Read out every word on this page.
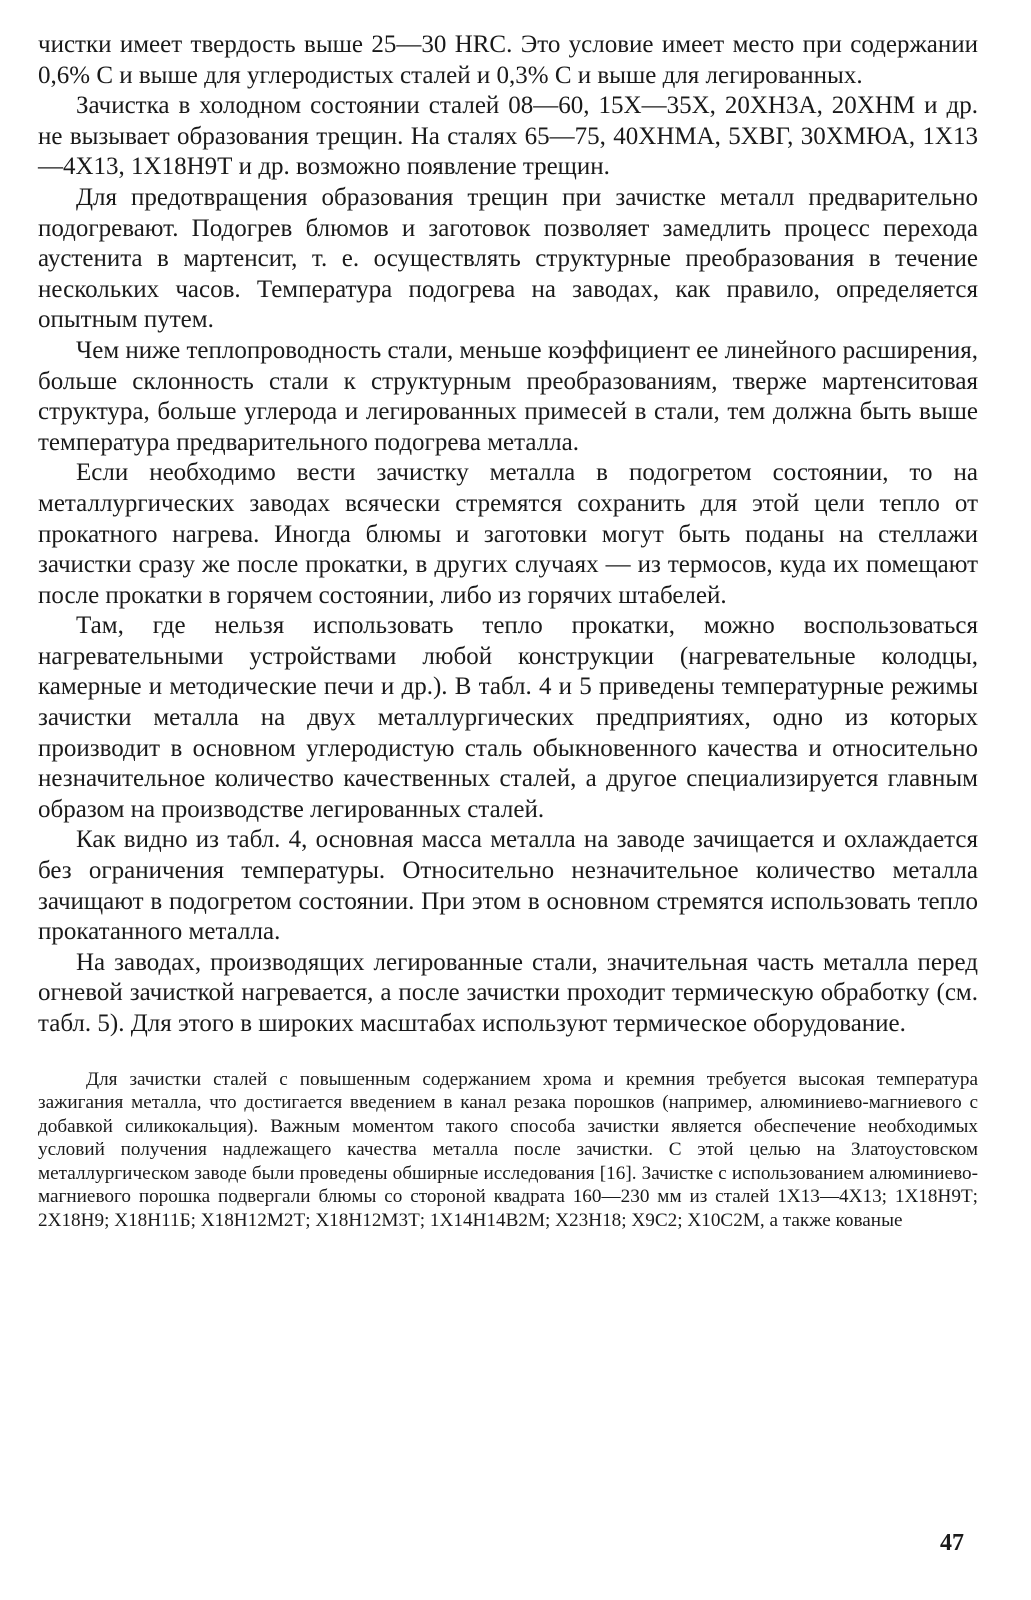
чистки имеет твердость выше 25—30 HRC. Это условие имеет место при содержании 0,6% С и выше для углеродистых сталей и 0,3% С и выше для легированных.

Зачистка в холодном состоянии сталей 08—60, 15Х—35Х, 20ХН3А, 20ХНМ и др. не вызывает образования трещин. На сталях 65—75, 40ХНМА, 5ХВГ, 30ХМЮА, 1Х13—4Х13, 1Х18Н9Т и др. возможно появление трещин.

Для предотвращения образования трещин при зачистке металл предварительно подогревают. Подогрев блюмов и заготовок позволяет замедлить процесс перехода аустенита в мартенсит, т. е. осуществлять структурные преобразования в течение нескольких часов. Температура подогрева на заводах, как правило, определяется опытным путем.

Чем ниже теплопроводность стали, меньше коэффициент ее линейного расширения, больше склонность стали к структурным преобразованиям, тверже мартенситовая структура, больше углерода и легированных примесей в стали, тем должна быть выше температура предварительного подогрева металла.

Если необходимо вести зачистку металла в подогретом состоянии, то на металлургических заводах всячески стремятся сохранить для этой цели тепло от прокатного нагрева. Иногда блюмы и заготовки могут быть поданы на стеллажи зачистки сразу же после прокатки, в других случаях — из термосов, куда их помещают после прокатки в горячем состоянии, либо из горячих штабелей.

Там, где нельзя использовать тепло прокатки, можно воспользоваться нагревательными устройствами любой конструкции (нагревательные колодцы, камерные и методические печи и др.). В табл. 4 и 5 приведены температурные режимы зачистки металла на двух металлургических предприятиях, одно из которых производит в основном углеродистую сталь обыкновенного качества и относительно незначительное количество качественных сталей, а другое специализируется главным образом на производстве легированных сталей.

Как видно из табл. 4, основная масса металла на заводе зачищается и охлаждается без ограничения температуры. Относительно незначительное количество металла зачищают в подогретом состоянии. При этом в основном стремятся использовать тепло прокатанного металла.

На заводах, производящих легированные стали, значительная часть металла перед огневой зачисткой нагревается, а после зачистки проходит термическую обработку (см. табл. 5). Для этого в широких масштабах используют термическое оборудование.

Для зачистки сталей с повышенным содержанием хрома и кремния требуется высокая температура зажигания металла, что достигается введением в канал резака порошков (например, алюминиево-магниевого с добавкой силикокальция). Важным моментом такого способа зачистки является обеспечение необходимых условий получения надлежащего качества металла после зачистки. С этой целью на Златоустовском металлургическом заводе были проведены обширные исследования [16]. Зачистке с использованием алюминиево-магниевого порошка подвергали блюмы со стороной квадрата 160—230 мм из сталей 1Х13—4Х13; 1Х18Н9Т; 2Х18Н9; Х18Н11Б; Х18Н12М2Т; Х18Н12М3Т; 1Х14Н14В2М; Х23Н18; Х9С2; Х10С2М, а также кованые

47
